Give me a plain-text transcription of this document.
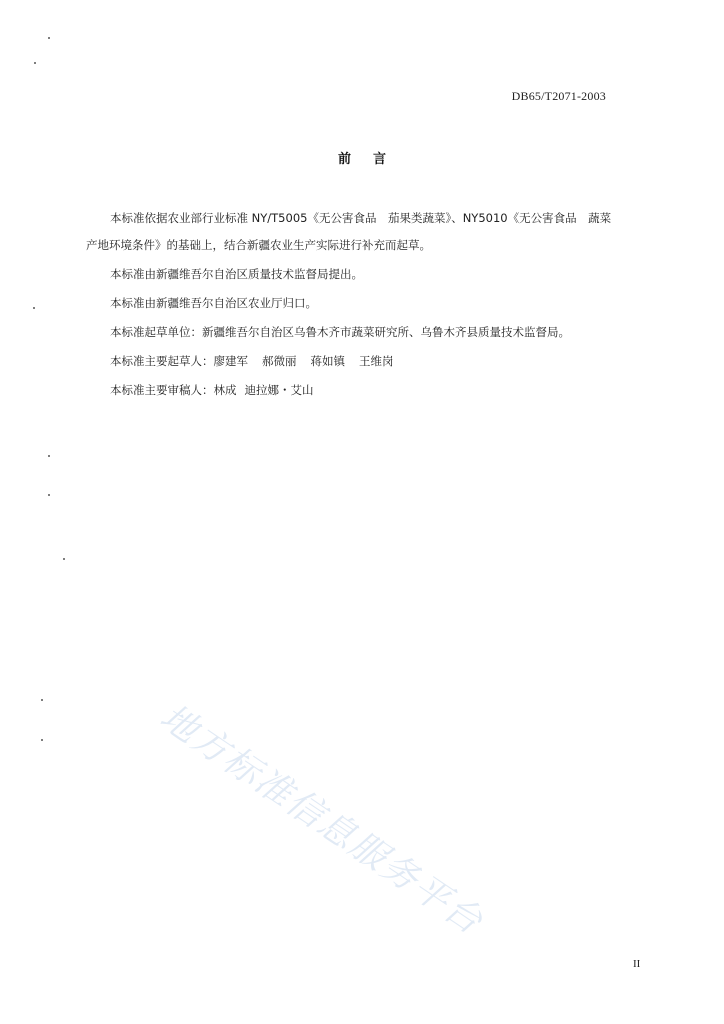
DB65/T2071-2003
前言

本标准依据农业部行业标准 NY/T5005《无公害食品　茄果类蔬菜》、NY5010《无公害食品　蔬菜

产地环境条件》的基础上，结合新疆农业生产实际进行补充而起草。

本标准由新疆维吾尔自治区质量技术监督局提出。

本标准由新疆维吾尔自治区农业厅归口。

本标准起草单位：新疆维吾尔自治区乌鲁木齐市蔬菜研究所、乌鲁木齐县质量技术监督局。

本标准主要起草人：廖建军 郝微丽 蒋如镇 王维岗

本标准主要审稿人：林成 迪拉娜・艾山

地方标准信息服务平台
II
